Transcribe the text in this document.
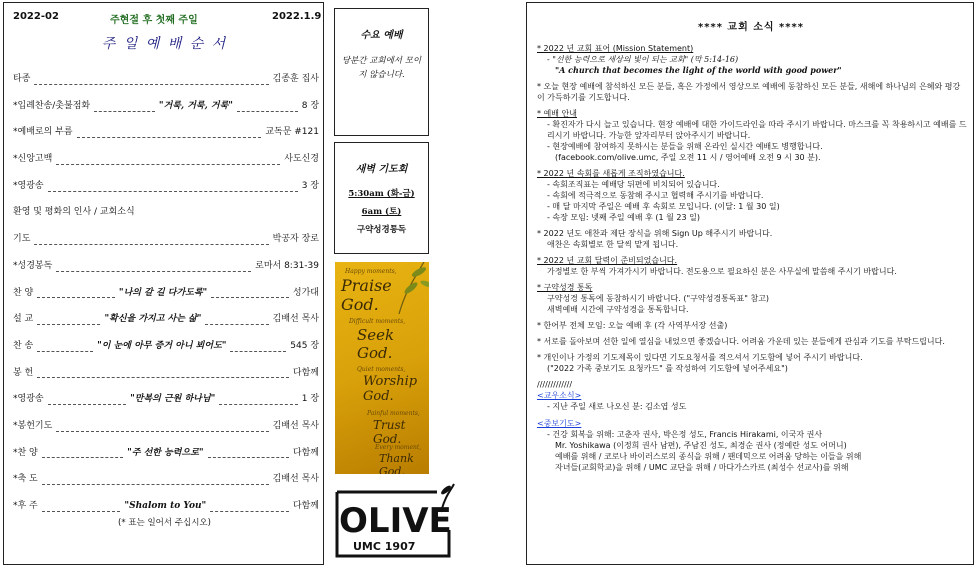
2022-02	주현절 후 첫째 주일	2022.1.9
주 일 예 배 순 서
타종	김종훈 집사
*입례찬송/촛불점화	"거룩, 거룩, 거룩"	8 장
*예배로의 부름	교독문 #121
*신앙고백	사도신경
*영광송	3 장
환영 및 평화의 인사 / 교회소식
기도	박공자 장로
*성경봉독	로마서 8:31-39
찬 양	"나의 갈 길 다가도록"	성가대
설 교	"확신을 가지고 사는 삶"	김배선 목사
찬 송	"이 눈에 아무 증거 아니 뵈어도"	545 장
봉 헌	다함께
*영광송	"만복의 근원 하나님"	1 장
*봉헌기도	김배선 목사
*찬 양	"주 선한 능력으로"	다함께
*축 도	김배선 목사
*후 주	"Shalom to You"	다함께
(* 표는 일어서 주십시오)
수요 예배
당분간 교회에서 모이지 않습니다.
새벽 기도회
5:30am (화-금)
6am (토)
구약성경통독
Happy moments,
Praise God.
Difficult moments,
Seek God.
Quiet moments,
Worship God.
Painful moments,
Trust God.
Every moment,
Thank God.
OLIVE
UMC 1907
**** 교회 소식 ****
* 2022 년 교회 표어 (Mission Statement)
- "선한 능력으로 세상의 빛이 되는 교회" (막 5:14-16)
"A church that becomes the light of the world with good power"
* 오늘 현장 예배에 참석하신 모든 분들, 혹은 가정에서 영상으로 예배에 동참하신 모든 분들, 새해에 하나님의 은혜와 평강이 가득하기를 기도합니다.
* 예배 안내
- 확진자가 다시 늘고 있습니다. 현장 예배에 대한 가이드라인을 따라 주시기 바랍니다. 마스크를 꼭 착용하시고 예배를 드리시기 바랍니다. 가능한 앞자리부터 앉아주시기 바랍니다.
- 현장예배에 참여하지 못하시는 분들을 위해 온라인 실시간 예배도 병행합니다.
(facebook.com/olive.umc, 주일 오전 11 시 / 영어예배 오전 9 시 30 분).
* 2022 년 속회를 새롭게 조직하였습니다.
- 속회조직표는 예배당 뒤편에 비치되어 있습니다.
- 속회에 적극적으로 동참해 주시고 협력해 주시기를 바랍니다.
- 매 달 마지막 주일은 예배 후 속회로 모입니다. (이달: 1 월 30 일)
- 속장 모임: 넷째 주일 예배 후 (1 월 23 일)
* 2022 년도 애찬과 제단 장식을 위해 Sign Up 해주시기 바랍니다.
애찬은 속회별로 한 달씩 맡게 됩니다.
* 2022 년 교회 달력이 준비되었습니다.
가정별로 한 부씩 가져가시기 바랍니다. 전도용으로 필요하신 분은 사무실에 말씀해 주시기 바랍니다.
* 구약성경 통독
구약성경 통독에 동참하시기 바랍니다. ("구약성경통독표" 참고)
새벽예배 시간에 구약성경을 통독합니다.
* 한어부 전체 모임: 오늘 예배 후 (각 사역부서장 선출)
* 서로를 돌아보며 선한 일에 열심을 내었으면 좋겠습니다. 어려움 가운데 있는 분들에게 관심과 기도를 부탁드립니다.
* 개인이나 가정의 기도제목이 있다면 기도요청서를 적으셔서 기도함에 넣어 주시기 바랍니다.
("2022 가족 중보기도 요청카드" 를 작성하여 기도함에 넣어주세요")
/////////////
<교우소식>
- 지난 주일 새로 나오신 분: 김소엽 성도
<중보기도>
- 건강 회복을 위해: 고춘자 권사, 박은정 성도, Francis Hirakami, 이국자 권사
Mr. Yoshikawa (이정희 권사 남편), 주남진 성도, 최경순 권사 (정예란 성도 어머니)
예배를 위해 / 코로나 바이러스로의 종식을 위해 / 팬데믹으로 어려움 당하는 이들을 위해
자녀들(교회학교)을 위해 / UMC 교단을 위해 / 마다가스카르 (최성수 선교사)를 위해
